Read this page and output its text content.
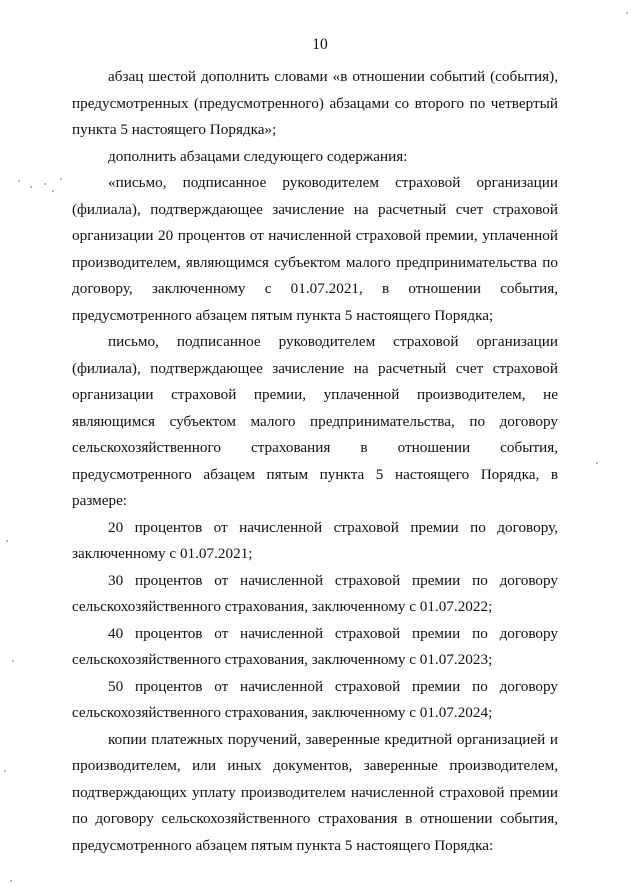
10

абзац шестой дополнить словами «в отношении событий (события),
предусмотренных (предусмотренного) абзацами со второго по четвертый
пункта 5 настоящего Порядка»;

дополнить абзацами следующего содержания:

«письмо, подписанное руководителем страховой организации
(филиала), подтверждающее зачисление на расчетный счет страховой
организации 20 процентов от начисленной страховой премии, уплаченной
производителем, являющимся субъектом малого предпринимательства по
договору, заключенному с 01.07.2021, в отношении события,
предусмотренного абзацем пятым пункта 5 настоящего Порядка;

письмо, подписанное руководителем страховой организации
(филиала), подтверждающее зачисление на расчетный счет страховой
организации страховой премии, уплаченной производителем, не
являющимся субъектом малого предпринимательства, по договору
сельскохозяйственного страхования в отношении события,
предусмотренного абзацем пятым пункта 5 настоящего Порядка, в
размере:

20 процентов от начисленной страховой премии по договору,
заключенному с 01.07.2021;

30 процентов от начисленной страховой премии по договору
сельскохозяйственного страхования, заключенному с 01.07.2022;

40 процентов от начисленной страховой премии по договору
сельскохозяйственного страхования, заключенному с 01.07.2023;

50 процентов от начисленной страховой премии по договору
сельскохозяйственного страхования, заключенному с 01.07.2024;

копии платежных поручений, заверенные кредитной организацией и
производителем, или иных документов, заверенные производителем,
подтверждающих уплату производителем начисленной страховой премии
по договору сельскохозяйственного страхования в отношении события,
предусмотренного абзацем пятым пункта 5 настоящего Порядка:
